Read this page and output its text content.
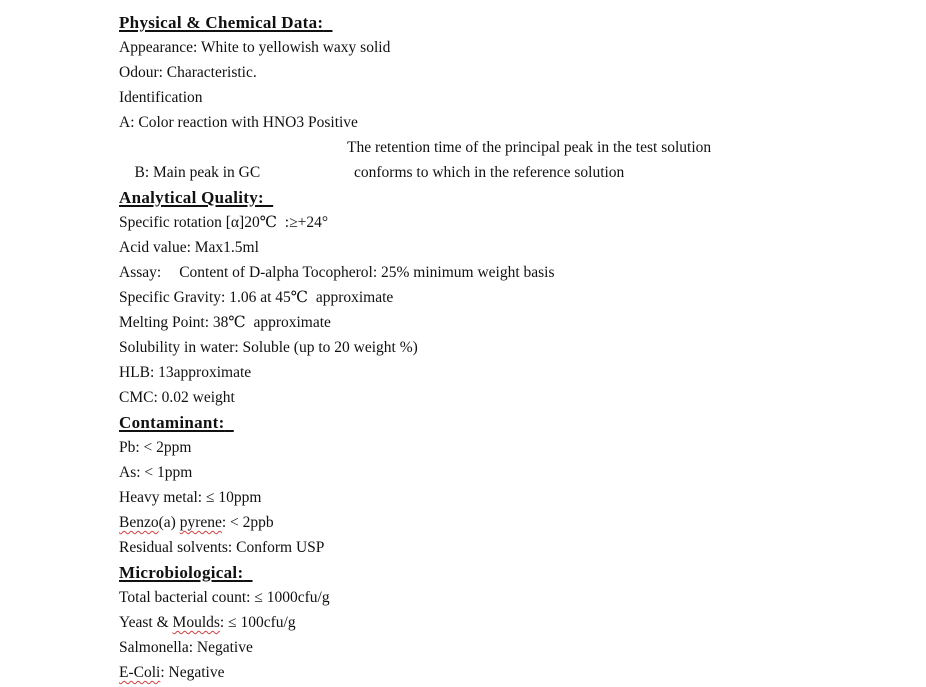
Physical & Chemical Data:
Appearance: White to yellowish waxy solid
Odour: Characteristic.
Identification
A: Color reaction with HNO3 Positive

B: Main peak in GC

The retention time of the principal peak in the test solution

conforms to which in the reference solution

Analytical Quality:
Specific rotation [α]20℃  :≥+24°
Acid value: Max1.5ml
Assay: Content of D-alpha Tocopherol: 25% minimum weight basis
Specific Gravity: 1.06 at 45℃  approximate
Melting Point: 38℃  approximate
Solubility in water: Soluble (up to 20 weight %)
HLB: 13approximate
CMC: 0.02 weight
Contaminant:
Pb: < 2ppm
As: < 1ppm
Heavy metal: ≤ 10ppm
Benzo(a) pyrene: < 2ppb
Residual solvents: Conform USP
Microbiological:
Total bacterial count: ≤ 1000cfu/g
Yeast & Moulds: ≤ 100cfu/g
Salmonella: Negative
E-Coli: Negative
